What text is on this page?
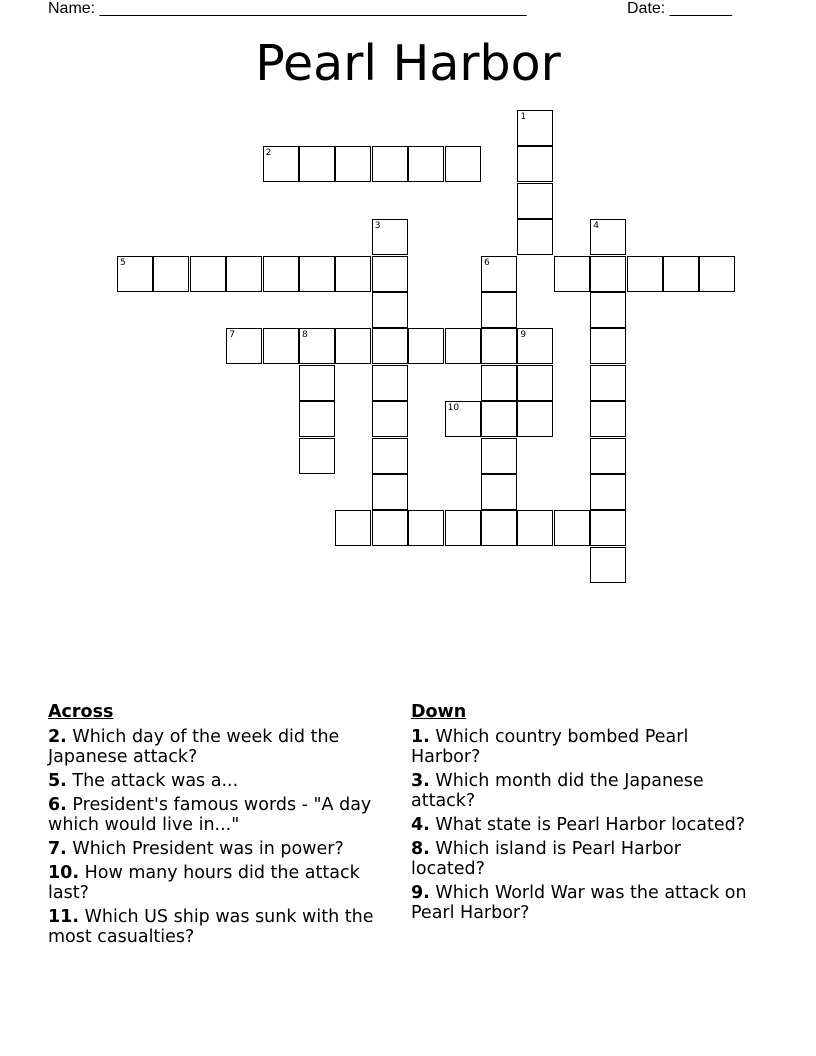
Name: ________________________________________________	Date: _______
Pearl Harbor
1
2
3	4
6
5
7	8	9
10
Across
2. Which day of the week did the Japanese attack?
5. The attack was a...
6. President's famous words - "A day which would live in..."
7. Which President was in power?
10. How many hours did the attack last?
11. Which US ship was sunk with the most casualties?
Down
1. Which country bombed Pearl Harbor?
3. Which month did the Japanese attack?
4. What state is Pearl Harbor located?
8. Which island is Pearl Harbor located?
9. Which World War was the attack on Pearl Harbor?
